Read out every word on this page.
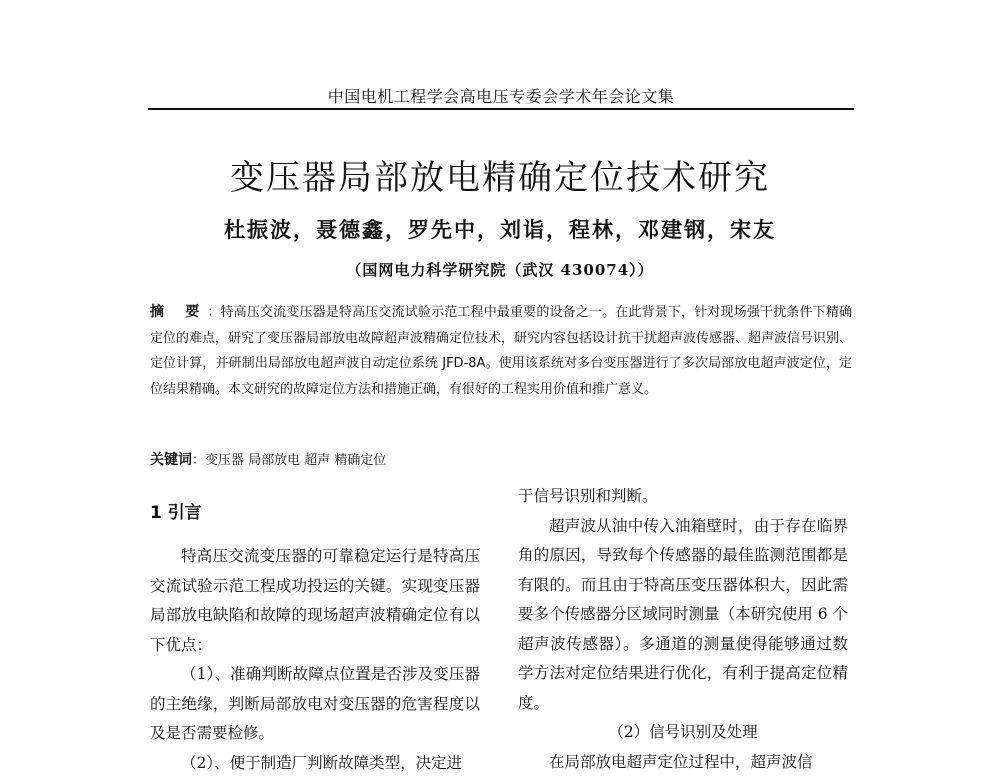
中国电机工程学会高电压专委会学术年会论文集
变压器局部放电精确定位技术研究
杜振波，聂德鑫，罗先中，刘诣，程林，邓建钢，宋友
（国网电力科学研究院（武汉 430074））
摘 要：特高压交流变压器是特高压交流试验示范工程中最重要的设备之一。在此背景下，针对现场强干扰条件下精确定位的难点，研究了变压器局部放电故障超声波精确定位技术，研究内容包括设计抗干扰超声波传感器、超声波信号识别、定位计算，并研制出局部放电超声波自动定位系统 JFD-8A。使用该系统对多台变压器进行了多次局部放电超声波定位，定位结果精确。本文研究的故障定位方法和措施正确，有很好的工程实用价值和推广意义。
关键词：变压器 局部放电 超声 精确定位
1 引言

特高压交流变压器的可靠稳定运行是特高压交流试验示范工程成功投运的关键。实现变压器局部放电缺陷和故障的现场超声波精确定位有以下优点：

（1）、准确判断故障点位置是否涉及变压器的主绝缘，判断局部放电对变压器的危害程度以及是否需要检修。

（2）、便于制造厂判断故障类型，决定进

于信号识别和判断。

超声波从油中传入油箱壁时，由于存在临界角的原因，导致每个传感器的最佳监测范围都是有限的。而且由于特高压变压器体积大，因此需要多个传感器分区域同时测量（本研究使用 6 个超声波传感器）。多通道的测量使得能够通过数学方法对定位结果进行优化，有利于提高定位精度。

（2）信号识别及处理

在局部放电超声定位过程中，超声波信
